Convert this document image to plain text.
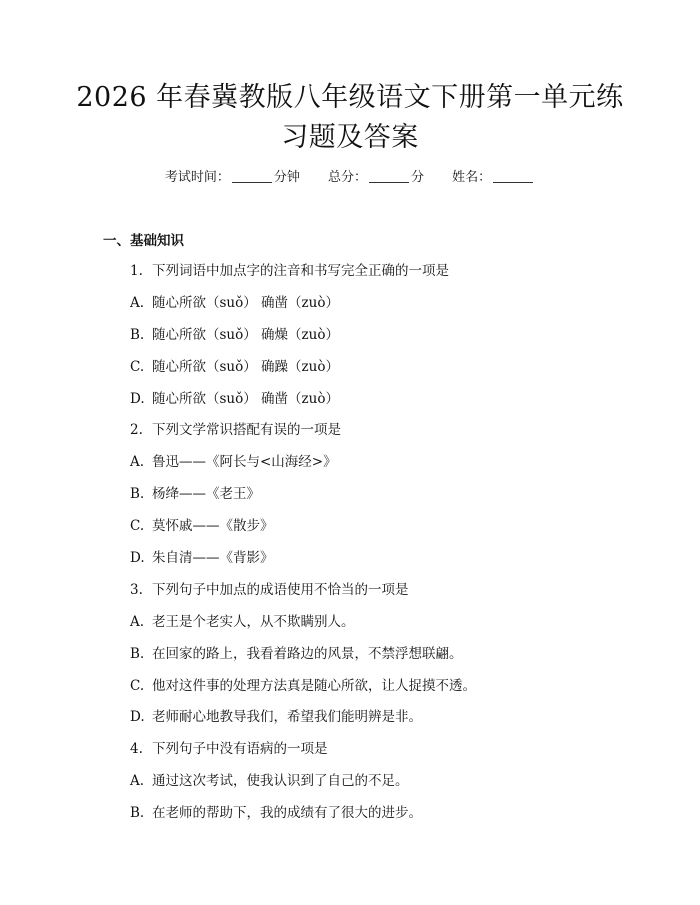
2026 年春冀教版八年级语文下册第一单元练
习题及答案
考试时间：	分钟 总分：	分 姓名：
一、基础知识
1. 下列词语中加点字的注音和书写完全正确的一项是
A. 随心所欲（suǒ） 确凿（zuò）
B. 随心所欲（suǒ） 确燥（zuò）
C. 随心所欲（suǒ） 确躁（zuò）
D. 随心所欲（suǒ） 确凿（zuò）
2. 下列文学常识搭配有误的一项是
A. 鲁迅——《阿长与<山海经>》
B. 杨绛——《老王》
C. 莫怀戚——《散步》
D. 朱自清——《背影》
3. 下列句子中加点的成语使用不恰当的一项是
A. 老王是个老实人，从不欺瞒别人。
B. 在回家的路上，我看着路边的风景，不禁浮想联翩。
C. 他对这件事的处理方法真是随心所欲，让人捉摸不透。
D. 老师耐心地教导我们，希望我们能明辨是非。
4. 下列句子中没有语病的一项是
A. 通过这次考试，使我认识到了自己的不足。
B. 在老师的帮助下，我的成绩有了很大的进步。
